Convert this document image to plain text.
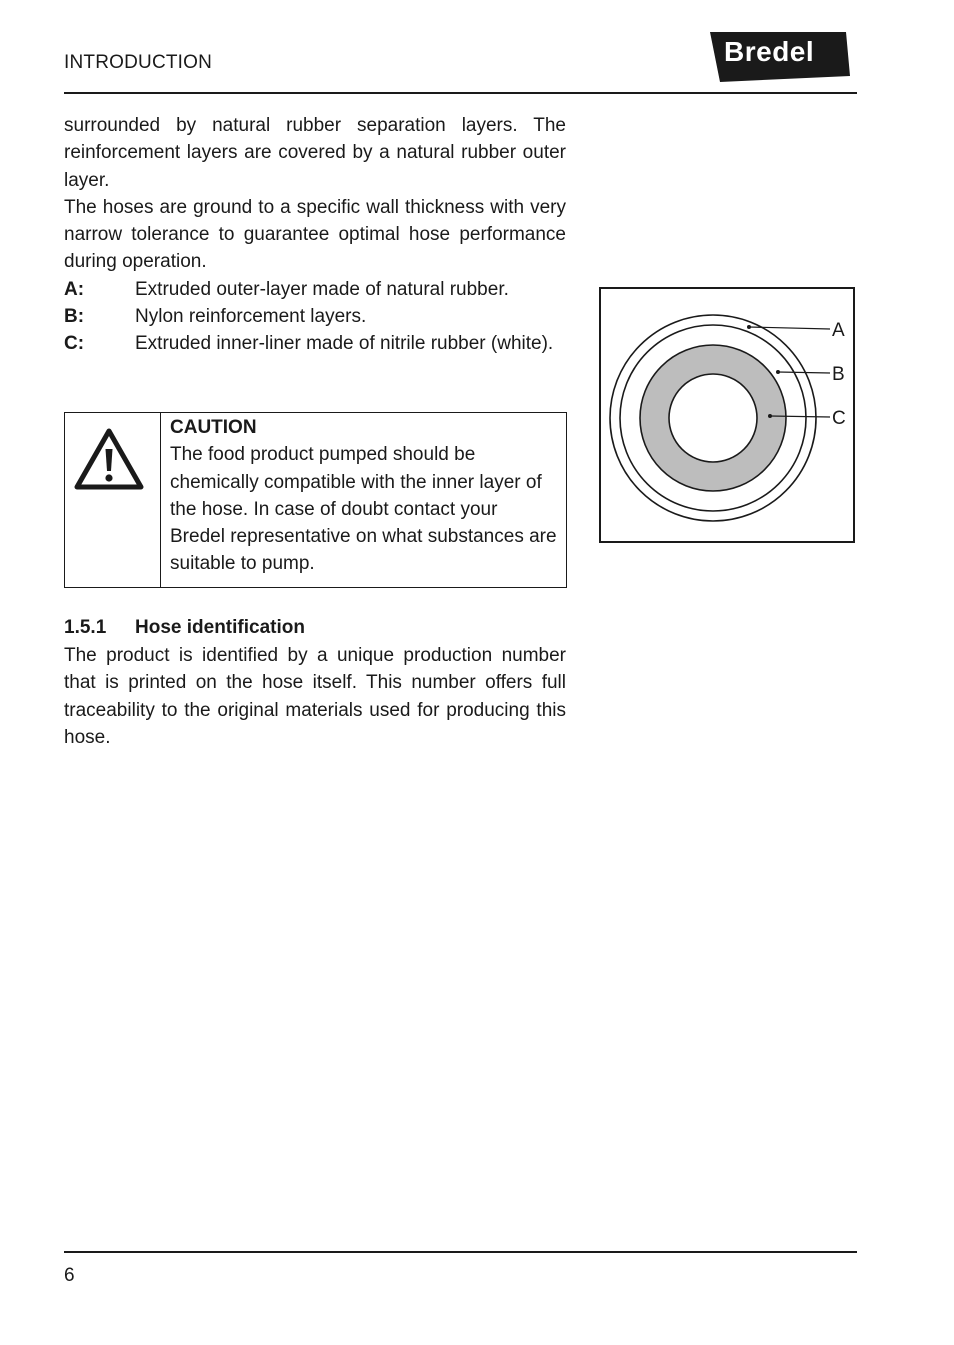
INTRODUCTION	Bredel

surrounded by natural rubber separation layers. The reinforcement layers are covered by a natural rubber outer layer.

The hoses are ground to a specific wall thickness with very narrow tolerance to guarantee optimal hose performance during operation.

A:	Extruded outer-layer made of natural rubber.
B:	Nylon reinforcement layers.
C:	Extruded inner-liner made of nitrile rubber (white).
CAUTION
The food product pumped should be chemically compatible with the inner layer of the hose. In case of doubt contact your Bredel representative on what substances are suitable to pump.
1.5.1	Hose identification
The product is identified by a unique production number that is printed on the hose itself. This number offers full traceability to the original materials used for producing this hose.
A
B
C
6
